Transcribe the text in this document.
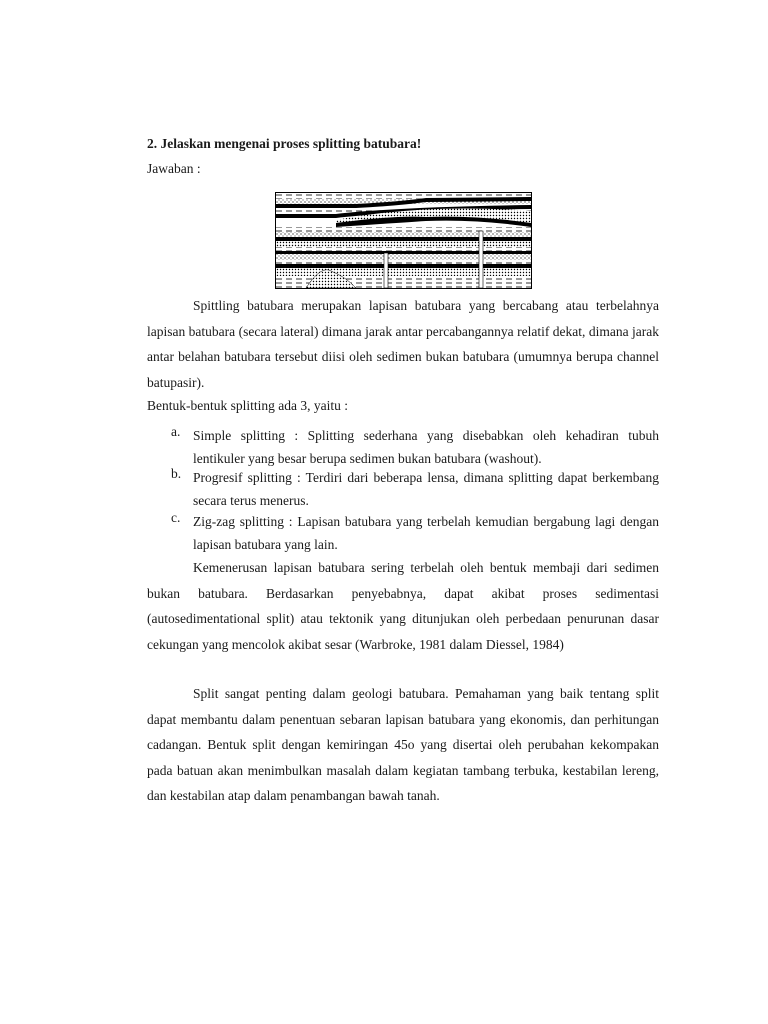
2. Jelaskan mengenai proses splitting batubara!
Jawaban :
Spittling batubara merupakan lapisan batubara yang bercabang atau terbelahnya lapisan batubara (secara lateral) dimana jarak antar percabangannya relatif dekat, dimana jarak antar belahan batubara tersebut diisi oleh sedimen bukan batubara (umumnya berupa channel batupasir).
Bentuk-bentuk splitting ada 3, yaitu :
a. Simple splitting : Splitting sederhana yang disebabkan oleh kehadiran tubuh lentikuler yang besar berupa sedimen bukan batubara (washout).
b. Progresif splitting : Terdiri dari beberapa lensa, dimana splitting dapat berkembang secara terus menerus.
c. Zig-zag splitting : Lapisan batubara yang terbelah kemudian bergabung lagi dengan lapisan batubara yang lain.
Kemenerusan lapisan batubara sering terbelah oleh bentuk membaji dari sedimen bukan batubara. Berdasarkan penyebabnya, dapat akibat proses sedimentasi (autosedimentational split) atau tektonik yang ditunjukan oleh perbedaan penurunan dasar cekungan yang mencolok akibat sesar (Warbroke, 1981 dalam Diessel, 1984)
Split sangat penting dalam geologi batubara. Pemahaman yang baik tentang split dapat membantu dalam penentuan sebaran lapisan batubara yang ekonomis, dan perhitungan cadangan. Bentuk split dengan kemiringan 45o yang disertai oleh perubahan kekompakan pada batuan akan menimbulkan masalah dalam kegiatan tambang terbuka, kestabilan lereng, dan kestabilan atap dalam penambangan bawah tanah.
